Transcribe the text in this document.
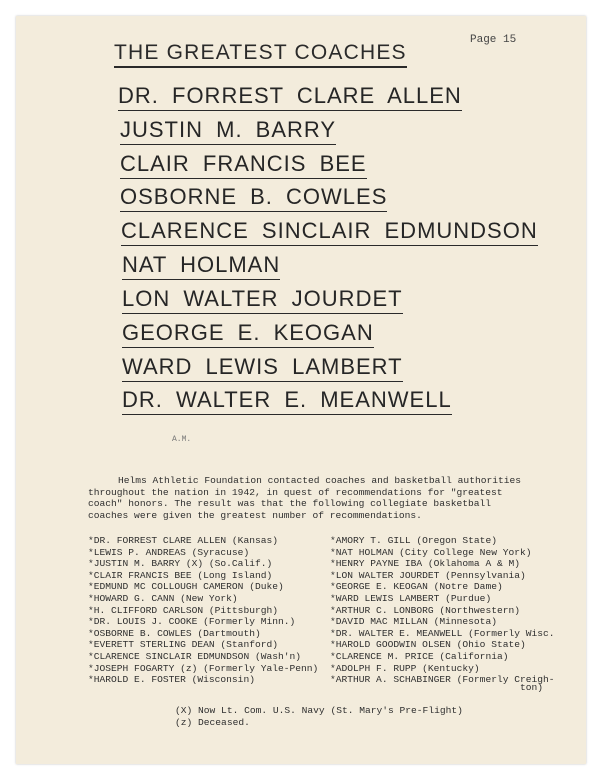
Page 15
THE GREATEST COACHES
DR. FORREST CLARE ALLEN
JUSTIN M. BARRY
CLAIR FRANCIS BEE
OSBORNE B. COWLES
CLARENCE SINCLAIR EDMUNDSON
NAT HOLMAN
LON WALTER JOURDET
GEORGE E. KEOGAN
WARD LEWIS LAMBERT
DR. WALTER E. MEANWELL
A.M.
Helms Athletic Foundation contacted coaches and basketball authorities throughout the nation in 1942, in quest of recommendations for "greatest coach" honors. The result was that the following collegiate basketball coaches were given the greatest number of recommendations.
*DR. FORREST CLARE ALLEN (Kansas)
*LEWIS P. ANDREAS (Syracuse)
*JUSTIN M. BARRY (X) (So.Calif.)
*CLAIR FRANCIS BEE (Long Island)
*EDMUND MC COLLOUGH CAMERON (Duke)
*HOWARD G. CANN (New York)
*H. CLIFFORD CARLSON (Pittsburgh)
*DR. LOUIS J. COOKE (Formerly Minn.)
*OSBORNE B. COWLES (Dartmouth)
*EVERETT STERLING DEAN (Stanford)
*CLARENCE SINCLAIR EDMUNDSON (Wash'n)
*JOSEPH FOGARTY (z) (Formerly Yale-Penn)
*HAROLD E. FOSTER (Wisconsin)
*AMORY T. GILL (Oregon State)
*NAT HOLMAN (City College New York)
*HENRY PAYNE IBA (Oklahoma A & M)
*LON WALTER JOURDET (Pennsylvania)
*GEORGE E. KEOGAN (Notre Dame)
*WARD LEWIS LAMBERT (Purdue)
*ARTHUR C. LONBORG (Northwestern)
*DAVID MAC MILLAN (Minnesota)
*DR. WALTER E. MEANWELL (Formerly Wisc.
*HAROLD GOODWIN OLSEN (Ohio State)
*CLARENCE M. PRICE (California)
*ADOLPH F. RUPP (Kentucky)
*ARTHUR A. SCHABINGER (Formerly Creigh-
ton)
(X) Now Lt. Com. U.S. Navy (St. Mary's Pre-Flight)
(z) Deceased.
